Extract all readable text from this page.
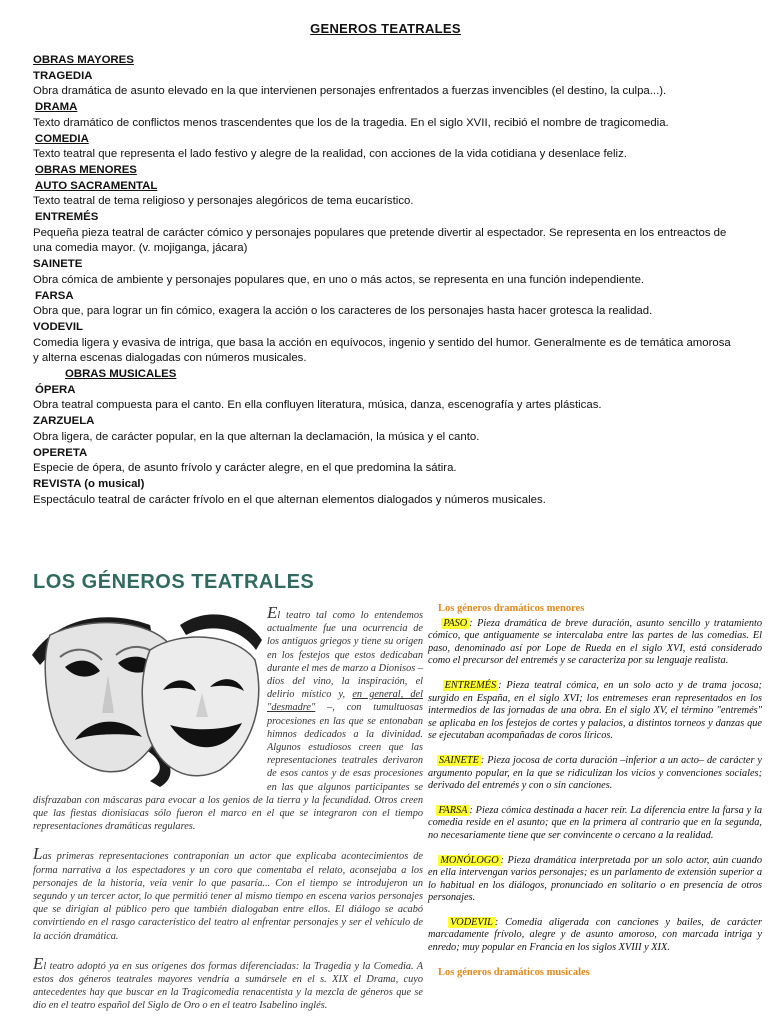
GENEROS TEATRALES

OBRAS MAYORES

TRAGEDIA

Obra dramática de asunto elevado en la que intervienen personajes enfrentados a fuerzas invencibles (el destino, la culpa...).

DRAMA

Texto dramático de conflictos menos trascendentes que los de la tragedia. En el siglo XVII, recibió el nombre de tragicomedia.

COMEDIA

Texto teatral que representa el lado festivo y alegre de la realidad, con acciones de la vida cotidiana y desenlace feliz.

OBRAS MENORES

AUTO SACRAMENTAL

Texto teatral de tema religioso y personajes alegóricos de tema eucarístico.

ENTREMÉS

Pequeña pieza teatral de carácter cómico y personajes populares que pretende divertir al espectador. Se representa en los entreactos de una comedia mayor. (v. mojiganga, jácara)

SAINETE

Obra cómica de ambiente y personajes populares que, en uno o más actos, se representa en una función independiente.

FARSA

Obra que, para lograr un fin cómico, exagera la acción o los caracteres de los personajes hasta hacer grotesca la realidad.

VODEVIL

Comedia ligera y evasiva de intriga, que basa la acción en equívocos, ingenio y sentido del humor. Generalmente es de temática amorosa y alterna escenas dialogadas con números musicales.

OBRAS MUSICALES

ÓPERA

Obra teatral compuesta para el canto. En ella confluyen literatura, música, danza, escenografía y artes plásticas.

ZARZUELA

Obra ligera, de carácter popular, en la que alternan la declamación, la música y el canto.

OPERETA

Especie de ópera, de asunto frívolo y carácter alegre, en el que predomina la sátira.

REVISTA (o musical)

Espectáculo teatral de carácter frívolo en el que alternan elementos dialogados y números musicales.

LOS GÉNEROS TEATRALES
El teatro tal como lo entendemos actualmente fue una ocurrencia de los antiguos griegos y tiene su origen en los festejos que estos dedicaban durante el mes de marzo a Dionisos –dios del vino, la inspiración, el delirio místico y, en general, del "desmadre" –, con tumultuosas procesiones en las que se entonaban himnos dedicados a la divinidad. Algunos estudiosos creen que las representaciones teatrales derivaron de esos cantos y de esas procesiones en las que algunos participantes se disfrazaban con máscaras para evocar a los genios de la tierra y la fecundidad. Otros creen que las fiestas dionisíacas sólo fueron el marco en el que se integraron con el tiempo representaciones dramáticas regulares.
Las primeras representaciones contraponían un actor que explicaba acontecimientos de forma narrativa a los espectadores y un coro que comentaba el relato, aconsejaba a los personajes de la historia, veía venir lo que pasaría... Con el tiempo se introdujeron un segundo y un tercer actor, lo que permitió tener al mismo tiempo en escena varios personajes que se dirigían al público pero que también dialogaban entre ellos. El diálogo se acabó convirtiendo en el rasgo característico del teatro al enfrentar personajes y ser el vehículo de la acción dramática.
El teatro adoptó ya en sus orígenes dos formas diferenciadas: la Tragedia y la Comedia. A estos dos géneros teatrales mayores vendría a sumársele en el s. XIX el Drama, cuyo antecedentes hay que buscar en la Tragicomedia renacentista y la mezcla de géneros que se dio en el teatro español del Siglo de Oro o en el teatro Isabelino inglés.

Los géneros dramáticos menores

PASO : Pieza dramática de breve duración, asunto sencillo y tratamiento cómico, que antiguamente se intercalaba entre las partes de las comedias. El paso, denominado así por Lope de Rueda en el siglo XVI, está considerado como el precursor del entremés y se caracteriza por su lenguaje realista.

ENTREMÉS : Pieza teatral cómica, en un solo acto y de trama jocosa; surgido en España, en el siglo XVI; los entremeses eran representados en los intermedios de las jornadas de una obra. En el siglo XV, el término "entremés" se aplicaba en los festejos de cortes y palacios, a distintos torneos y danzas que se ejecutaban acompañadas de coros líricos.

SAINETE : Pieza jocosa de corta duración –inferior a un acto– de carácter y argumento popular, en la que se ridiculizan los vicios y convenciones sociales; derivado del entremés y con o sin canciones.

FARSA : Pieza cómica destinada a hacer reír. La diferencia entre la farsa y la comedia reside en el asunto; que en la primera al contrario que en la segunda, no necesariamente tiene que ser convincente o cercano a la realidad.

MONÓLOGO : Pieza dramática interpretada por un solo actor, aún cuando en ella intervengan varios personajes; es un parlamento de extensión superior a lo habitual en los diálogos, pronunciado en solitario o en presencia de otros personajes.

VODEVIL : Comedia aligerada con canciones y bailes, de carácter marcadamente frívolo, alegre y de asunto amoroso, con marcada intriga y enredo; muy popular en Francia en los siglos XVIII y XIX.

Los géneros dramáticos musicales
